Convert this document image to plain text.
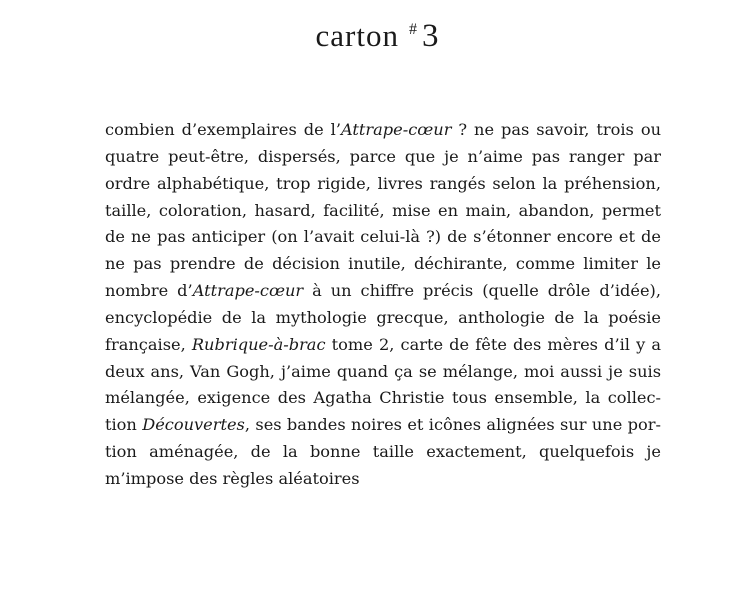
carton # 3
combien d’exemplaires de l’Attrape-cœur ? ne pas savoir, trois ou
quatre peut-être, dispersés, parce que je n’aime pas ranger par
ordre alphabétique, trop rigide, livres rangés selon la préhension,
taille, coloration, hasard, facilité, mise en main, abandon, permet
de ne pas anticiper (on l’avait celui-là ?) de s’étonner encore et de
ne pas prendre de décision inutile, déchirante, comme limiter le
nombre d’Attrape-cœur à un chiffre précis (quelle drôle d’idée),
encyclopédie de la mythologie grecque, anthologie de la poésie
française, Rubrique-à-brac tome 2, carte de fête des mères d’il y a
deux ans, Van Gogh, j’aime quand ça se mélange, moi aussi je suis
mélangée, exigence des Agatha Christie tous ensemble, la collec-
tion Découvertes, ses bandes noires et icônes alignées sur une por-
tion aménagée, de la bonne taille exactement, quelquefois je
m’impose des règles aléatoires
